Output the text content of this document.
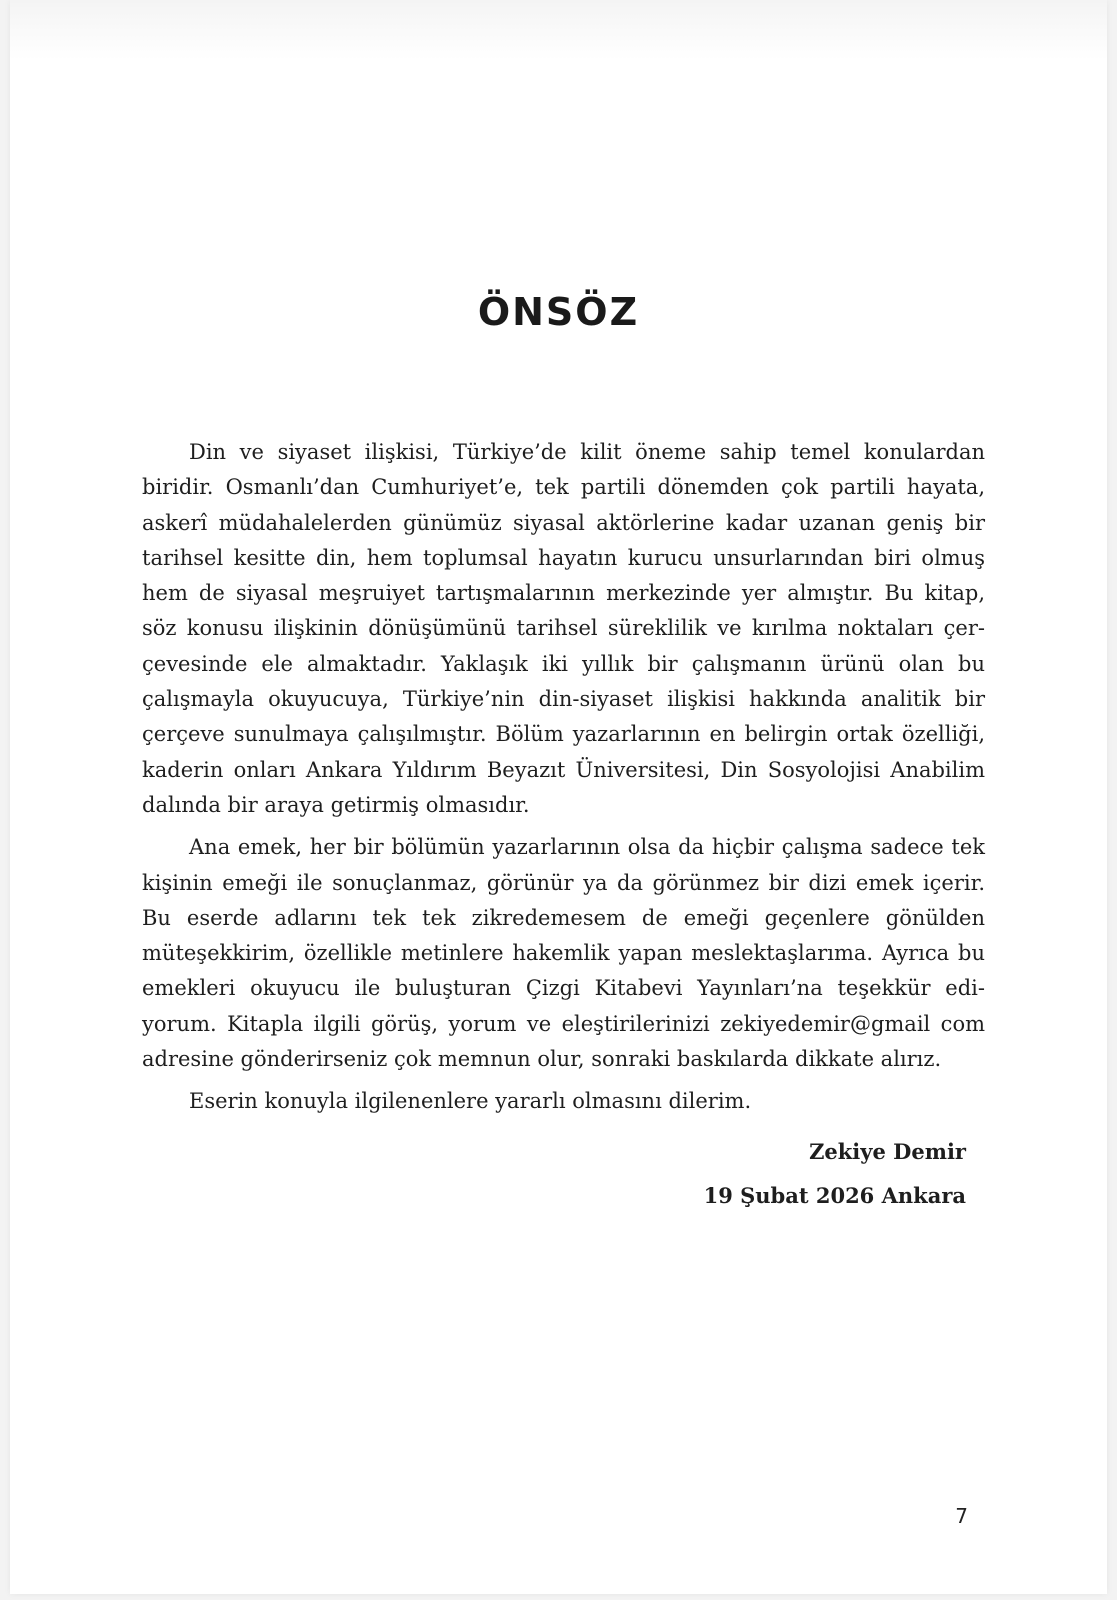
ÖNSÖZ

Din ve siyaset ilişkisi, Türkiye’de kilit öneme sahip temel konulardan biridir. Osmanlı’dan Cumhuriyet’e, tek partili dönemden çok partili hayata, askerî müdahalelerden günümüz siyasal aktörlerine kadar uzanan geniş bir tarihsel kesitte din, hem toplumsal hayatın kurucu unsurlarından biri olmuş hem de siyasal meşruiyet tartışmalarının merkezinde yer almıştır. Bu kitap, söz konusu ilişkinin dönüşümünü tarihsel süreklilik ve kırılma noktaları çerçevesinde ele almaktadır. Yaklaşık iki yıllık bir çalışmanın ürünü olan bu çalışmayla okuyucuya, Türkiye’nin din-siyaset ilişkisi hakkında analitik bir çerçeve sunulmaya çalışılmıştır. Bölüm yazarlarının en belirgin ortak özelliği, kaderin onları Ankara Yıldırım Beyazıt Üniversitesi, Din Sosyolojisi Anabilim dalında bir araya getirmiş olmasıdır.

Ana emek, her bir bölümün yazarlarının olsa da hiçbir çalışma sadece tek kişinin emeği ile sonuçlanmaz, görünür ya da görünmez bir dizi emek içerir. Bu eserde adlarını tek tek zikredemesem de emeği geçenlere gönülden müteşekkirim, özellikle metinlere hakemlik yapan meslektaşlarıma. Ayrıca bu emekleri okuyucu ile buluşturan Çizgi Kitabevi Yayınları’na teşekkür ediyorum. Kitapla ilgili görüş, yorum ve eleştirilerinizi zekiyedemir@gmail com adresine gönderirseniz çok memnun olur, sonraki baskılarda dikkate alırız.

Eserin konuyla ilgilenenlere yararlı olmasını dilerim.

Zekiye Demir
19 Şubat 2026 Ankara
7
